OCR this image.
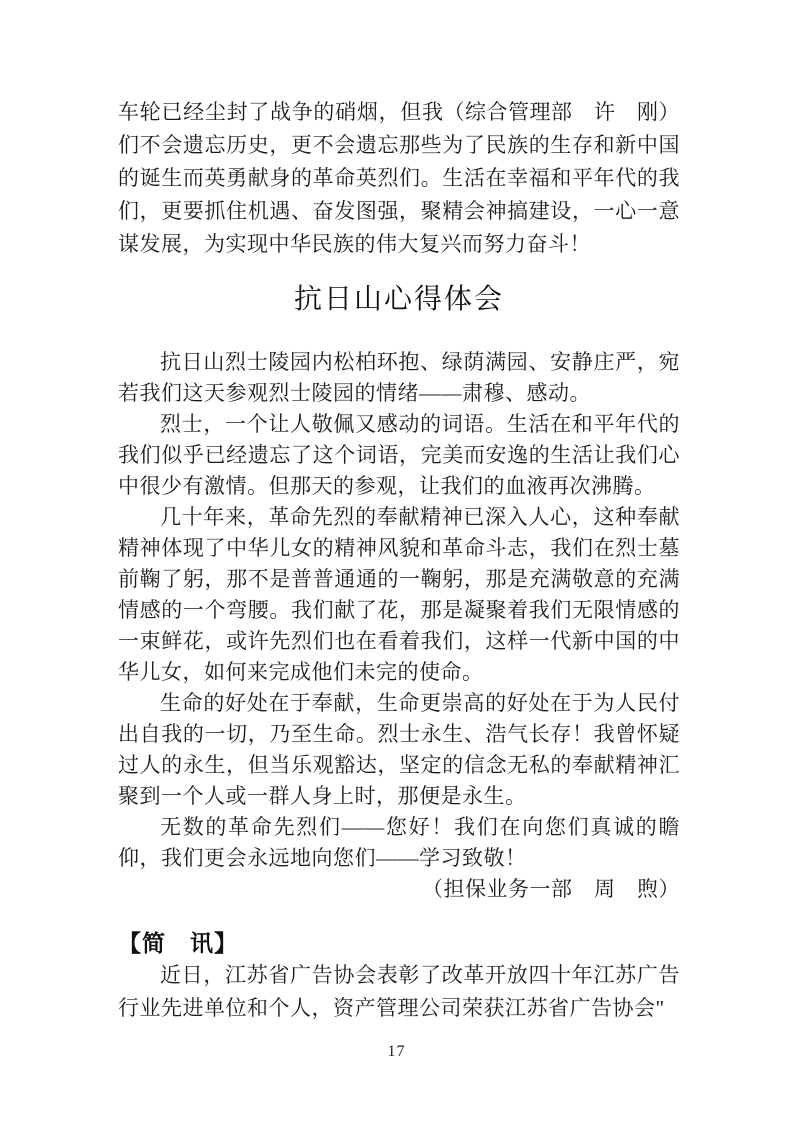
（综合管理部　许　刚）
车轮已经尘封了战争的硝烟，但我们不会遗忘历史，更不会遗忘那些为了民族的生存和新中国的诞生而英勇献身的革命英烈们。生活在幸福和平年代的我们，更要抓住机遇、奋发图强，聚精会神搞建设，一心一意谋发展，为实现中华民族的伟大复兴而努力奋斗！

抗日山心得体会

抗日山烈士陵园内松柏环抱、绿荫满园、安静庄严，宛若我们这天参观烈士陵园的情绪——肃穆、感动。

烈士，一个让人敬佩又感动的词语。生活在和平年代的我们似乎已经遗忘了这个词语，完美而安逸的生活让我们心中很少有激情。但那天的参观，让我们的血液再次沸腾。

几十年来，革命先烈的奉献精神已深入人心，这种奉献精神体现了中华儿女的精神风貌和革命斗志，我们在烈士墓前鞠了躬，那不是普普通通的一鞠躬，那是充满敬意的充满情感的一个弯腰。我们献了花，那是凝聚着我们无限情感的一束鲜花，或许先烈们也在看着我们，这样一代新中国的中华儿女，如何来完成他们未完的使命。

生命的好处在于奉献，生命更崇高的好处在于为人民付出自我的一切，乃至生命。烈士永生、浩气长存！我曾怀疑过人的永生，但当乐观豁达，坚定的信念无私的奉献精神汇聚到一个人或一群人身上时，那便是永生。

无数的革命先烈们——您好！我们在向您们真诚的瞻仰，我们更会永远地向您们——学习致敬！

（担保业务一部　周　煦）

【简　讯】

近日，江苏省广告协会表彰了改革开放四十年江苏广告行业先进单位和个人，资产管理公司荣获江苏省广告协会"

17
